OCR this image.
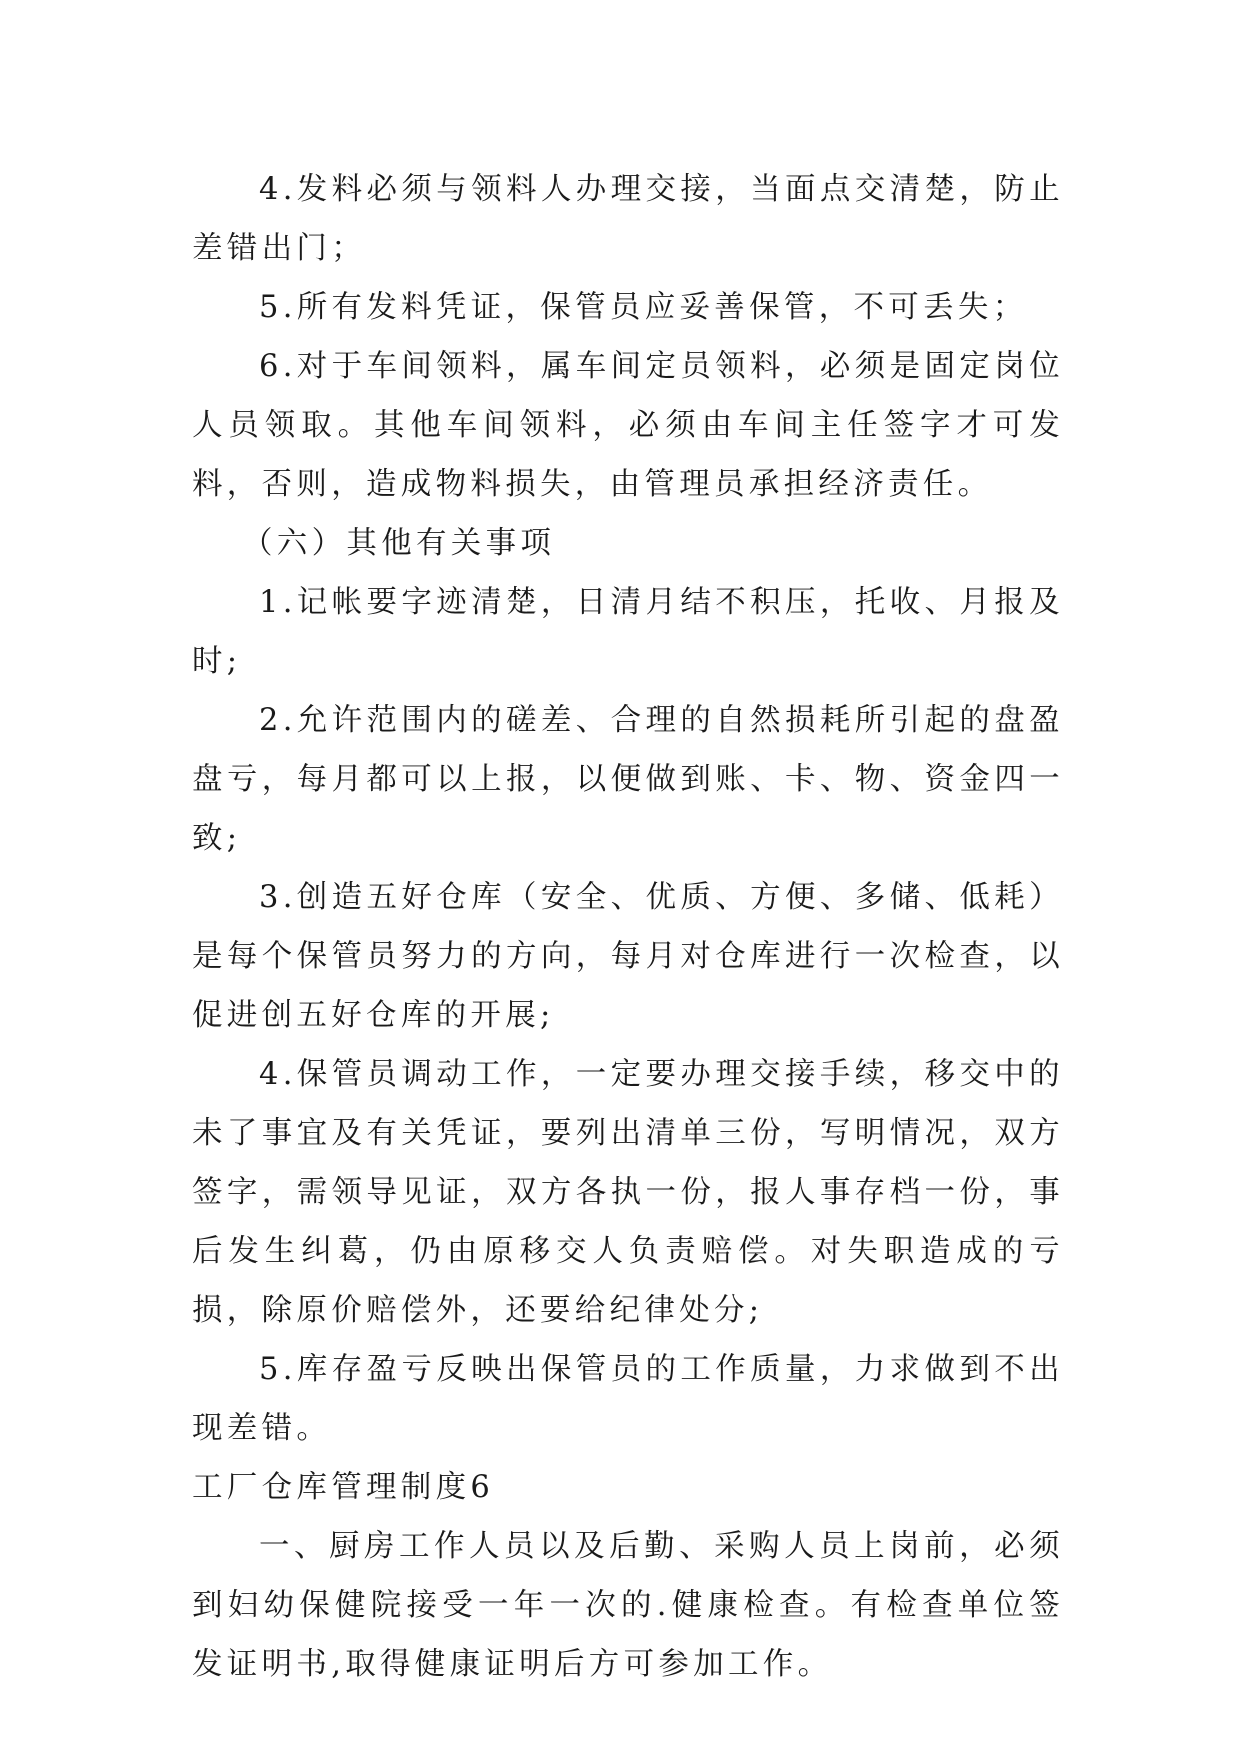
4.发料必须与领料人办理交接，当面点交清楚，防止差错出门；

5.所有发料凭证，保管员应妥善保管，不可丢失；

6.对于车间领料，属车间定员领料，必须是固定岗位人员领取。其他车间领料，必须由车间主任签字才可发料，否则，造成物料损失，由管理员承担经济责任。

（六）其他有关事项

1.记帐要字迹清楚，日清月结不积压，托收、月报及时;

2.允许范围内的磋差、合理的自然损耗所引起的盘盈盘亏，每月都可以上报，以便做到账、卡、物、资金四一致;

3.创造五好仓库（安全、优质、方便、多储、低耗）是每个保管员努力的方向，每月对仓库进行一次检查，以促进创五好仓库的开展;

4.保管员调动工作，一定要办理交接手续，移交中的未了事宜及有关凭证，要列出清单三份，写明情况，双方签字，需领导见证，双方各执一份，报人事存档一份，事后发生纠葛，仍由原移交人负责赔偿。对失职造成的亏损，除原价赔偿外，还要给纪律处分;

5.库存盈亏反映出保管员的工作质量，力求做到不出现差错。

工厂仓库管理制度6

一、厨房工作人员以及后勤、采购人员上岗前，必须到妇幼保健院接受一年一次的.健康检查。有检查单位签发证明书,取得健康证明后方可参加工作。
